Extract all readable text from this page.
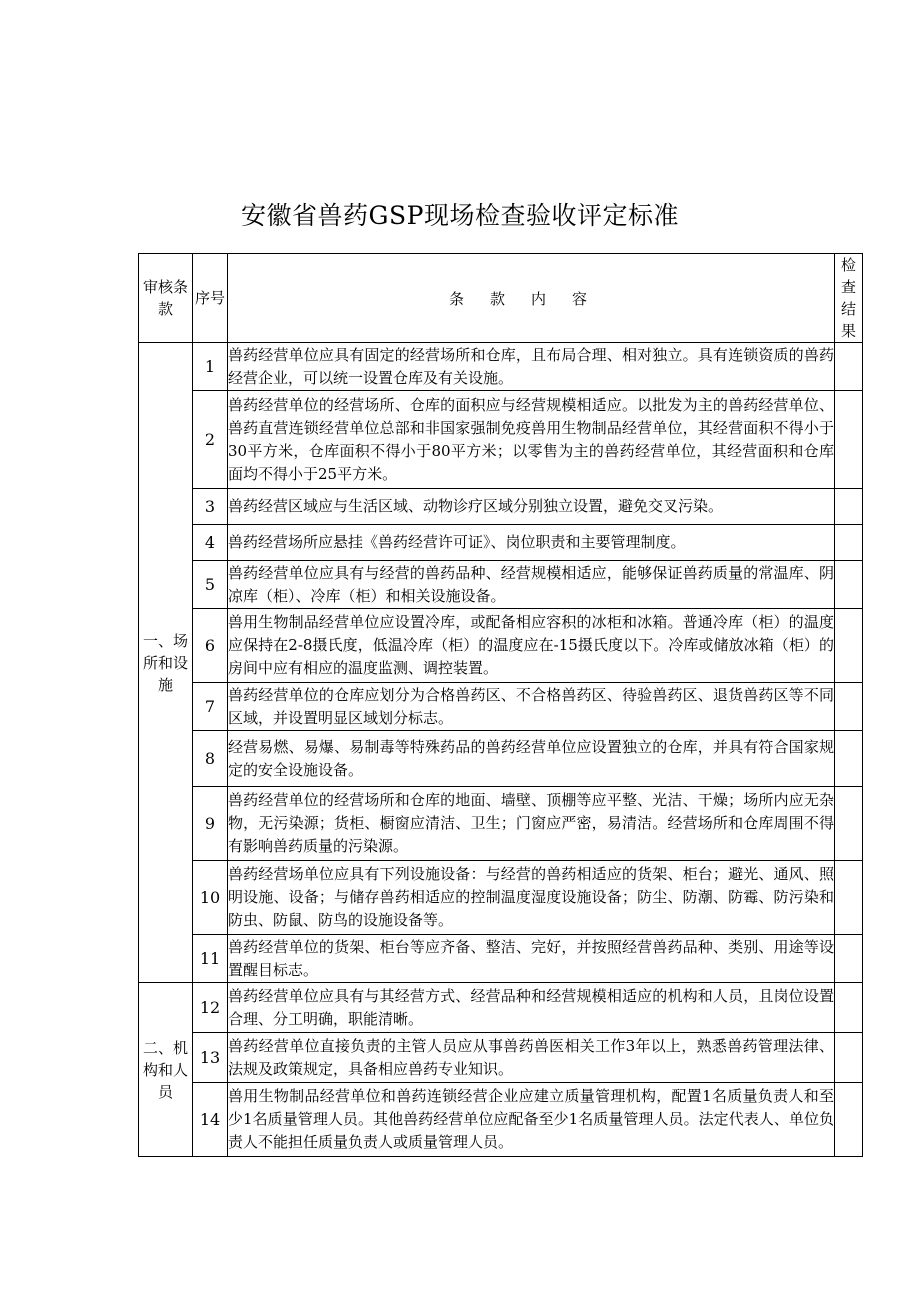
安徽省兽药GSP现场检查验收评定标准
审核条款	序号	条款内容	检查结果
一、场所和设施	1	兽药经营单位应具有固定的经营场所和仓库，且布局合理、相对独立。具有连锁资质的兽药经营企业，可以统一设置仓库及有关设施。	
	2	兽药经营单位的经营场所、仓库的面积应与经营规模相适应。以批发为主的兽药经营单位、兽药直营连锁经营单位总部和非国家强制免疫兽用生物制品经营单位，其经营面积不得小于30平方米，仓库面积不得小于80平方米；以零售为主的兽药经营单位，其经营面积和仓库面均不得小于25平方米。	
	3	兽药经营区域应与生活区域、动物诊疗区域分别独立设置，避免交叉污染。	
	4	兽药经营场所应悬挂《兽药经营许可证》、岗位职责和主要管理制度。	
	5	兽药经营单位应具有与经营的兽药品种、经营规模相适应，能够保证兽药质量的常温库、阴凉库（柜）、冷库（柜）和相关设施设备。	
	6	兽用生物制品经营单位应设置冷库，或配备相应容积的冰柜和冰箱。普通冷库（柜）的温度应保持在2-8摄氏度，低温冷库（柜）的温度应在-15摄氏度以下。冷库或储放冰箱（柜）的房间中应有相应的温度监测、调控装置。	
	7	兽药经营单位的仓库应划分为合格兽药区、不合格兽药区、待验兽药区、退货兽药区等不同区域，并设置明显区域划分标志。	
	8	经营易燃、易爆、易制毒等特殊药品的兽药经营单位应设置独立的仓库，并具有符合国家规定的安全设施设备。	
	9	兽药经营单位的经营场所和仓库的地面、墙壁、顶棚等应平整、光洁、干燥；场所内应无杂物，无污染源；货柜、橱窗应清洁、卫生；门窗应严密，易清洁。经营场所和仓库周围不得有影响兽药质量的污染源。	
	10	兽药经营场单位应具有下列设施设备：与经营的兽药相适应的货架、柜台；避光、通风、照明设施、设备；与储存兽药相适应的控制温度湿度设施设备；防尘、防潮、防霉、防污染和防虫、防鼠、防鸟的设施设备等。	
	11	兽药经营单位的货架、柜台等应齐备、整洁、完好，并按照经营兽药品种、类别、用途等设置醒目标志。	
二、机构和人员	12	兽药经营单位应具有与其经营方式、经营品种和经营规模相适应的机构和人员，且岗位设置合理、分工明确，职能清晰。	
	13	兽药经营单位直接负责的主管人员应从事兽药兽医相关工作3年以上，熟悉兽药管理法律、法规及政策规定，具备相应兽药专业知识。	
	14	兽用生物制品经营单位和兽药连锁经营企业应建立质量管理机构，配置1名质量负责人和至少1名质量管理人员。其他兽药经营单位应配备至少1名质量管理人员。法定代表人、单位负责人不能担任质量负责人或质量管理人员。	
